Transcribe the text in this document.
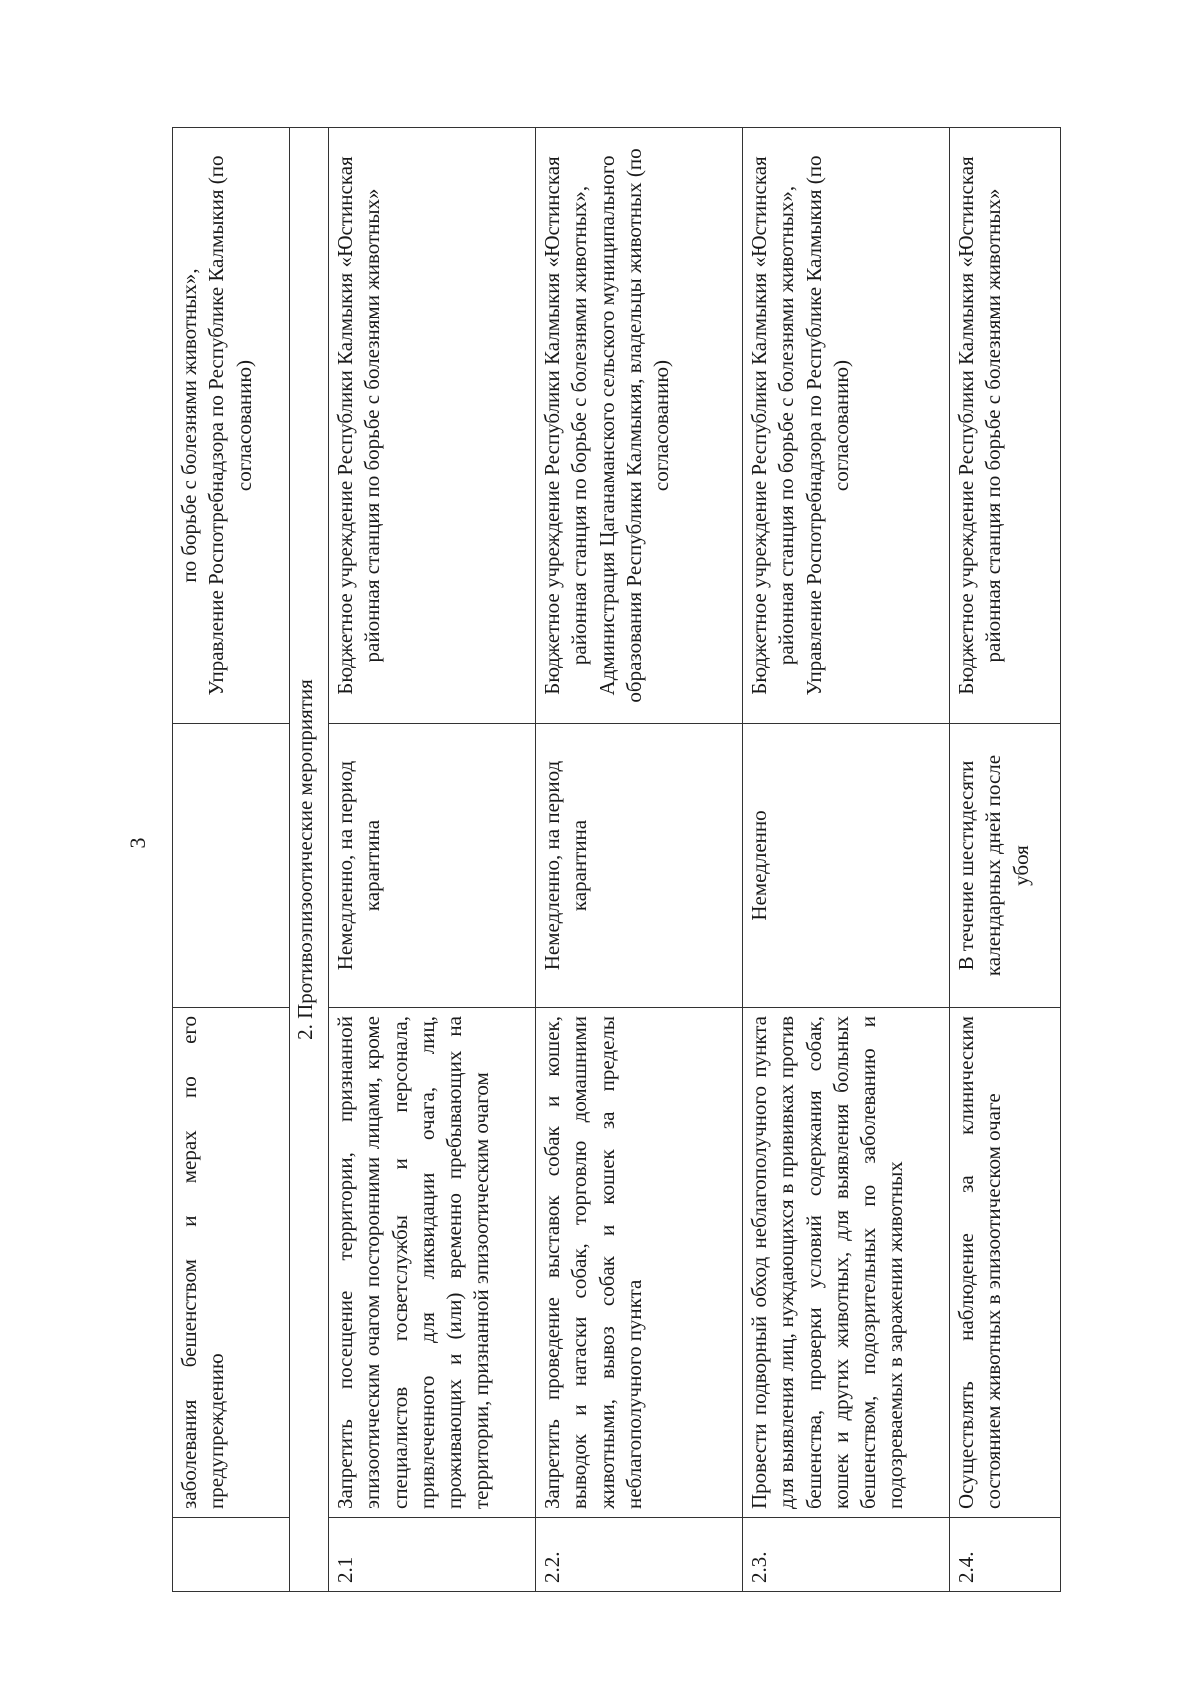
3
	заболевания бешенством и мерах по его предупреждению		по борьбе с болезнями животных»,
Управление Роспотребнадзора по Республике Калмыкия (по согласованию)
2. Противоэпизоотические мероприятия			
2.1	Запретить посещение территории, признанной эпизоотическим очагом посторонними лицами, кроме специалистов госветслужбы и персонала, привлеченного для ликвидации очага, лиц, проживающих и (или) временно пребывающих на территории, признанной эпизоотическим очагом	Немедленно, на период карантина	Бюджетное учреждение Республики Калмыкия «Юстинская районная станция по борьбе с болезнями животных»
2.2.	Запретить проведение выставок собак и кошек, выводок и натаски собак, торговлю домашними животными, вывоз собак и кошек за пределы неблагополучного пункта	Немедленно, на период карантина	Бюджетное учреждение Республики Калмыкия «Юстинская районная станция по борьбе с болезнями животных», Администрация Цаганаманского сельского муниципального образования Республики Калмыкия, владельцы животных (по согласованию)
2.3.	Провести подворный обход неблагополучного пункта для выявления лиц, нуждающихся в прививках против бешенства, проверки условий содержания собак, кошек и других животных, для выявления больных бешенством, подозрительных по заболеванию и подозреваемых в заражении животных	Немедленно	Бюджетное учреждение Республики Калмыкия «Юстинская районная станция по борьбе с болезнями животных», Управление Роспотребнадзора по Республике Калмыкия (по согласованию)
2.4.	Осуществлять наблюдение за клиническим состоянием животных в эпизоотическом очаге	В течение шестидесяти календарных дней после убоя	Бюджетное учреждение Республики Калмыкия «Юстинская районная станция по борьбе с болезнями животных»
